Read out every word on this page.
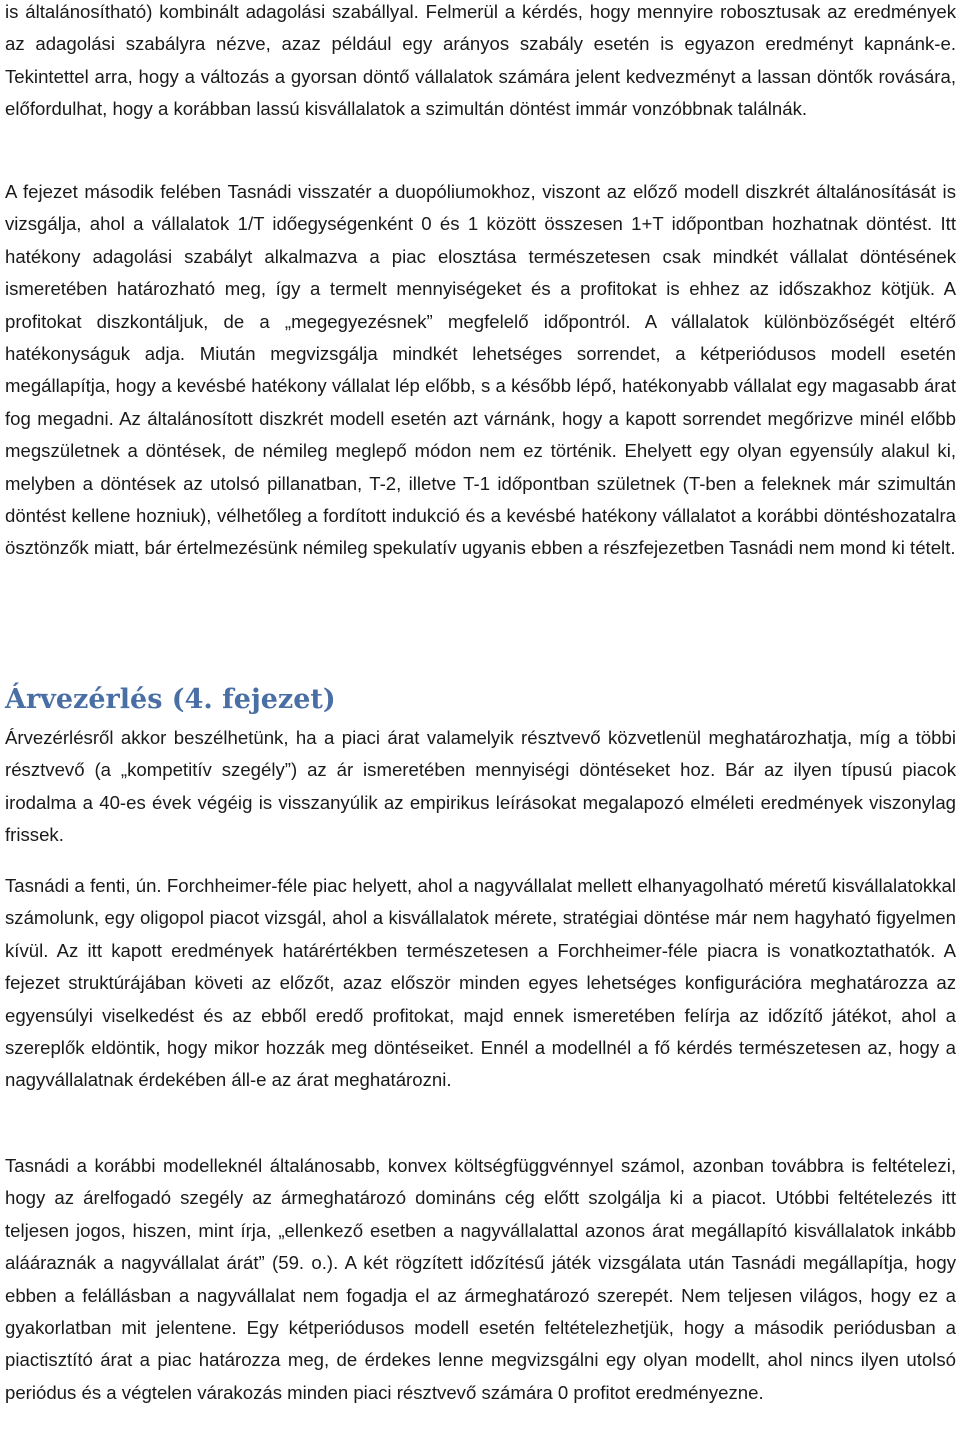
is általánosítható) kombinált adagolási szabállyal. Felmerül a kérdés, hogy mennyire robosztusak az eredmények az adagolási szabályra nézve, azaz például egy arányos szabály esetén is egyazon eredményt kapnánk-e. Tekintettel arra, hogy a változás a gyorsan döntő vállalatok számára jelent kedvezményt a lassan döntők rovására, előfordulhat, hogy a korábban lassú kisvállalatok a szimultán döntést immár vonzóbbnak találnák.

A fejezet második felében Tasnádi visszatér a duopóliumokhoz, viszont az előző modell diszkrét általánosítását is vizsgálja, ahol a vállalatok 1/T időegységenként 0 és 1 között összesen 1+T időpontban hozhatnak döntést. Itt hatékony adagolási szabályt alkalmazva a piac elosztása természetesen csak mindkét vállalat döntésének ismeretében határozható meg, így a termelt mennyiségeket és a profitokat is ehhez az időszakhoz kötjük. A profitokat diszkontáljuk, de a „megegyezésnek” megfelelő időpontról. A vállalatok különbözőségét eltérő hatékonyságuk adja. Miután megvizsgálja mindkét lehetséges sorrendet, a kétperiódusos modell esetén megállapítja, hogy a kevésbé hatékony vállalat lép előbb, s a később lépő, hatékonyabb vállalat egy magasabb árat fog megadni. Az általánosított diszkrét modell esetén azt várnánk, hogy a kapott sorrendet megőrizve minél előbb megszületnek a döntések, de némileg meglepő módon nem ez történik. Ehelyett egy olyan egyensúly alakul ki, melyben a döntések az utolsó pillanatban, T-2, illetve T-1 időpontban születnek (T-ben a feleknek már szimultán döntést kellene hozniuk), vélhetőleg a fordított indukció és a kevésbé hatékony vállalatot a korábbi döntéshozatalra ösztönzők miatt, bár értelmezésünk némileg spekulatív ugyanis ebben a részfejezetben Tasnádi nem mond ki tételt.

Árvezérlés (4. fejezet)

Árvezérlésről akkor beszélhetünk, ha a piaci árat valamelyik résztvevő közvetlenül meghatározhatja, míg a többi résztvevő (a „kompetitív szegély”) az ár ismeretében mennyiségi döntéseket hoz. Bár az ilyen típusú piacok irodalma a 40-es évek végéig is visszanyúlik az empirikus leírásokat megalapozó elméleti eredmények viszonylag frissek.

Tasnádi a fenti, ún. Forchheimer-féle piac helyett, ahol a nagyvállalat mellett elhanyagolható méretű kisvállalatokkal számolunk, egy oligopol piacot vizsgál, ahol a kisvállalatok mérete, stratégiai döntése már nem hagyható figyelmen kívül. Az itt kapott eredmények határértékben természetesen a Forchheimer-féle piacra is vonatkoztathatók. A fejezet struktúrájában követi az előzőt, azaz először minden egyes lehetséges konfigurációra meghatározza az egyensúlyi viselkedést és az ebből eredő profitokat, majd ennek ismeretében felírja az időzítő játékot, ahol a szereplők eldöntik, hogy mikor hozzák meg döntéseiket. Ennél a modellnél a fő kérdés természetesen az, hogy a nagyvállalatnak érdekében áll-e az árat meghatározni.

Tasnádi a korábbi modelleknél általánosabb, konvex költségfüggvénnyel számol, azonban továbbra is feltételezi, hogy az árelfogadó szegély az ármeghatározó domináns cég előtt szolgálja ki a piacot. Utóbbi feltételezés itt teljesen jogos, hiszen, mint írja, „ellenkező esetben a nagyvállalattal azonos árat megállapító kisvállalatok inkább alááraznák a nagyvállalat árát” (59. o.). A két rögzített időzítésű játék vizsgálata után Tasnádi megállapítja, hogy ebben a felállásban a nagyvállalat nem fogadja el az ármeghatározó szerepét. Nem teljesen világos, hogy ez a gyakorlatban mit jelentene. Egy kétperiódusos modell esetén feltételezhetjük, hogy a második periódusban a piactisztító árat a piac határozza meg, de érdekes lenne megvizsgálni egy olyan modellt, ahol nincs ilyen utolsó periódus és a végtelen várakozás minden piaci résztvevő számára 0 profitot eredményezne.
